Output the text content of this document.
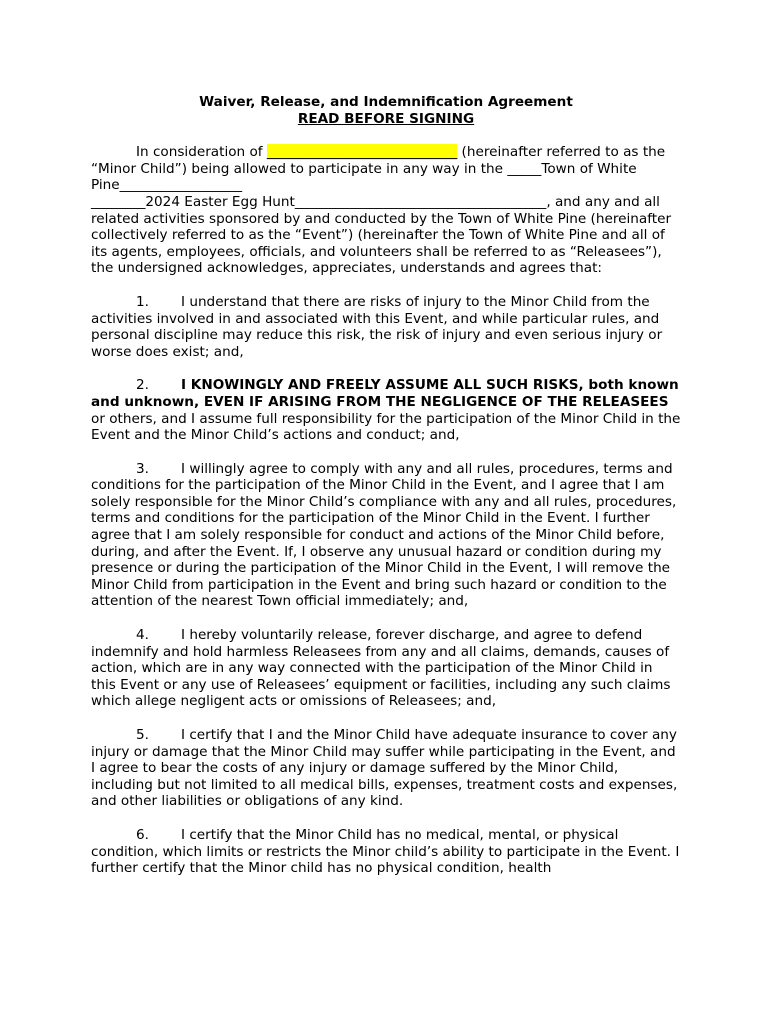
Waiver, Release, and Indemnification Agreement

READ BEFORE SIGNING

In consideration of ____________________________ (hereinafter referred to as the “Minor Child”) being allowed to participate in any way in the _____Town of White Pine__________________
________2024 Easter Egg Hunt_____________________________________, and any and all related activities sponsored by and conducted by the Town of White Pine (hereinafter collectively referred to as the “Event”) (hereinafter the Town of White Pine and all of its agents, employees, officials, and volunteers shall be referred to as “Releasees”), the undersigned acknowledges, appreciates, understands and agrees that:

1. I understand that there are risks of injury to the Minor Child from the activities involved in and associated with this Event, and while particular rules, and personal discipline may reduce this risk, the risk of injury and even serious injury or worse does exist; and,

2. I KNOWINGLY AND FREELY ASSUME ALL SUCH RISKS, both known and unknown, EVEN IF ARISING FROM THE NEGLIGENCE OF THE RELEASEES or others, and I assume full responsibility for the participation of the Minor Child in the Event and the Minor Child’s actions and conduct; and,

3. I willingly agree to comply with any and all rules, procedures, terms and conditions for the participation of the Minor Child in the Event, and I agree that I am solely responsible for the Minor Child’s compliance with any and all rules, procedures, terms and conditions for the participation of the Minor Child in the Event. I further agree that I am solely responsible for conduct and actions of the Minor Child before, during, and after the Event. If, I observe any unusual hazard or condition during my presence or during the participation of the Minor Child in the Event, I will remove the Minor Child from participation in the Event and bring such hazard or condition to the attention of the nearest Town official immediately; and,

4. I hereby voluntarily release, forever discharge, and agree to defend indemnify and hold harmless Releasees from any and all claims, demands, causes of action, which are in any way connected with the participation of the Minor Child in this Event or any use of Releasees’ equipment or facilities, including any such claims which allege negligent acts or omissions of Releasees; and,

5. I certify that I and the Minor Child have adequate insurance to cover any injury or damage that the Minor Child may suffer while participating in the Event, and I agree to bear the costs of any injury or damage suffered by the Minor Child, including but not limited to all medical bills, expenses, treatment costs and expenses, and other liabilities or obligations of any kind.

6. I certify that the Minor Child has no medical, mental, or physical condition, which limits or restricts the Minor child’s ability to participate in the Event. I further certify that the Minor child has no physical condition, health
